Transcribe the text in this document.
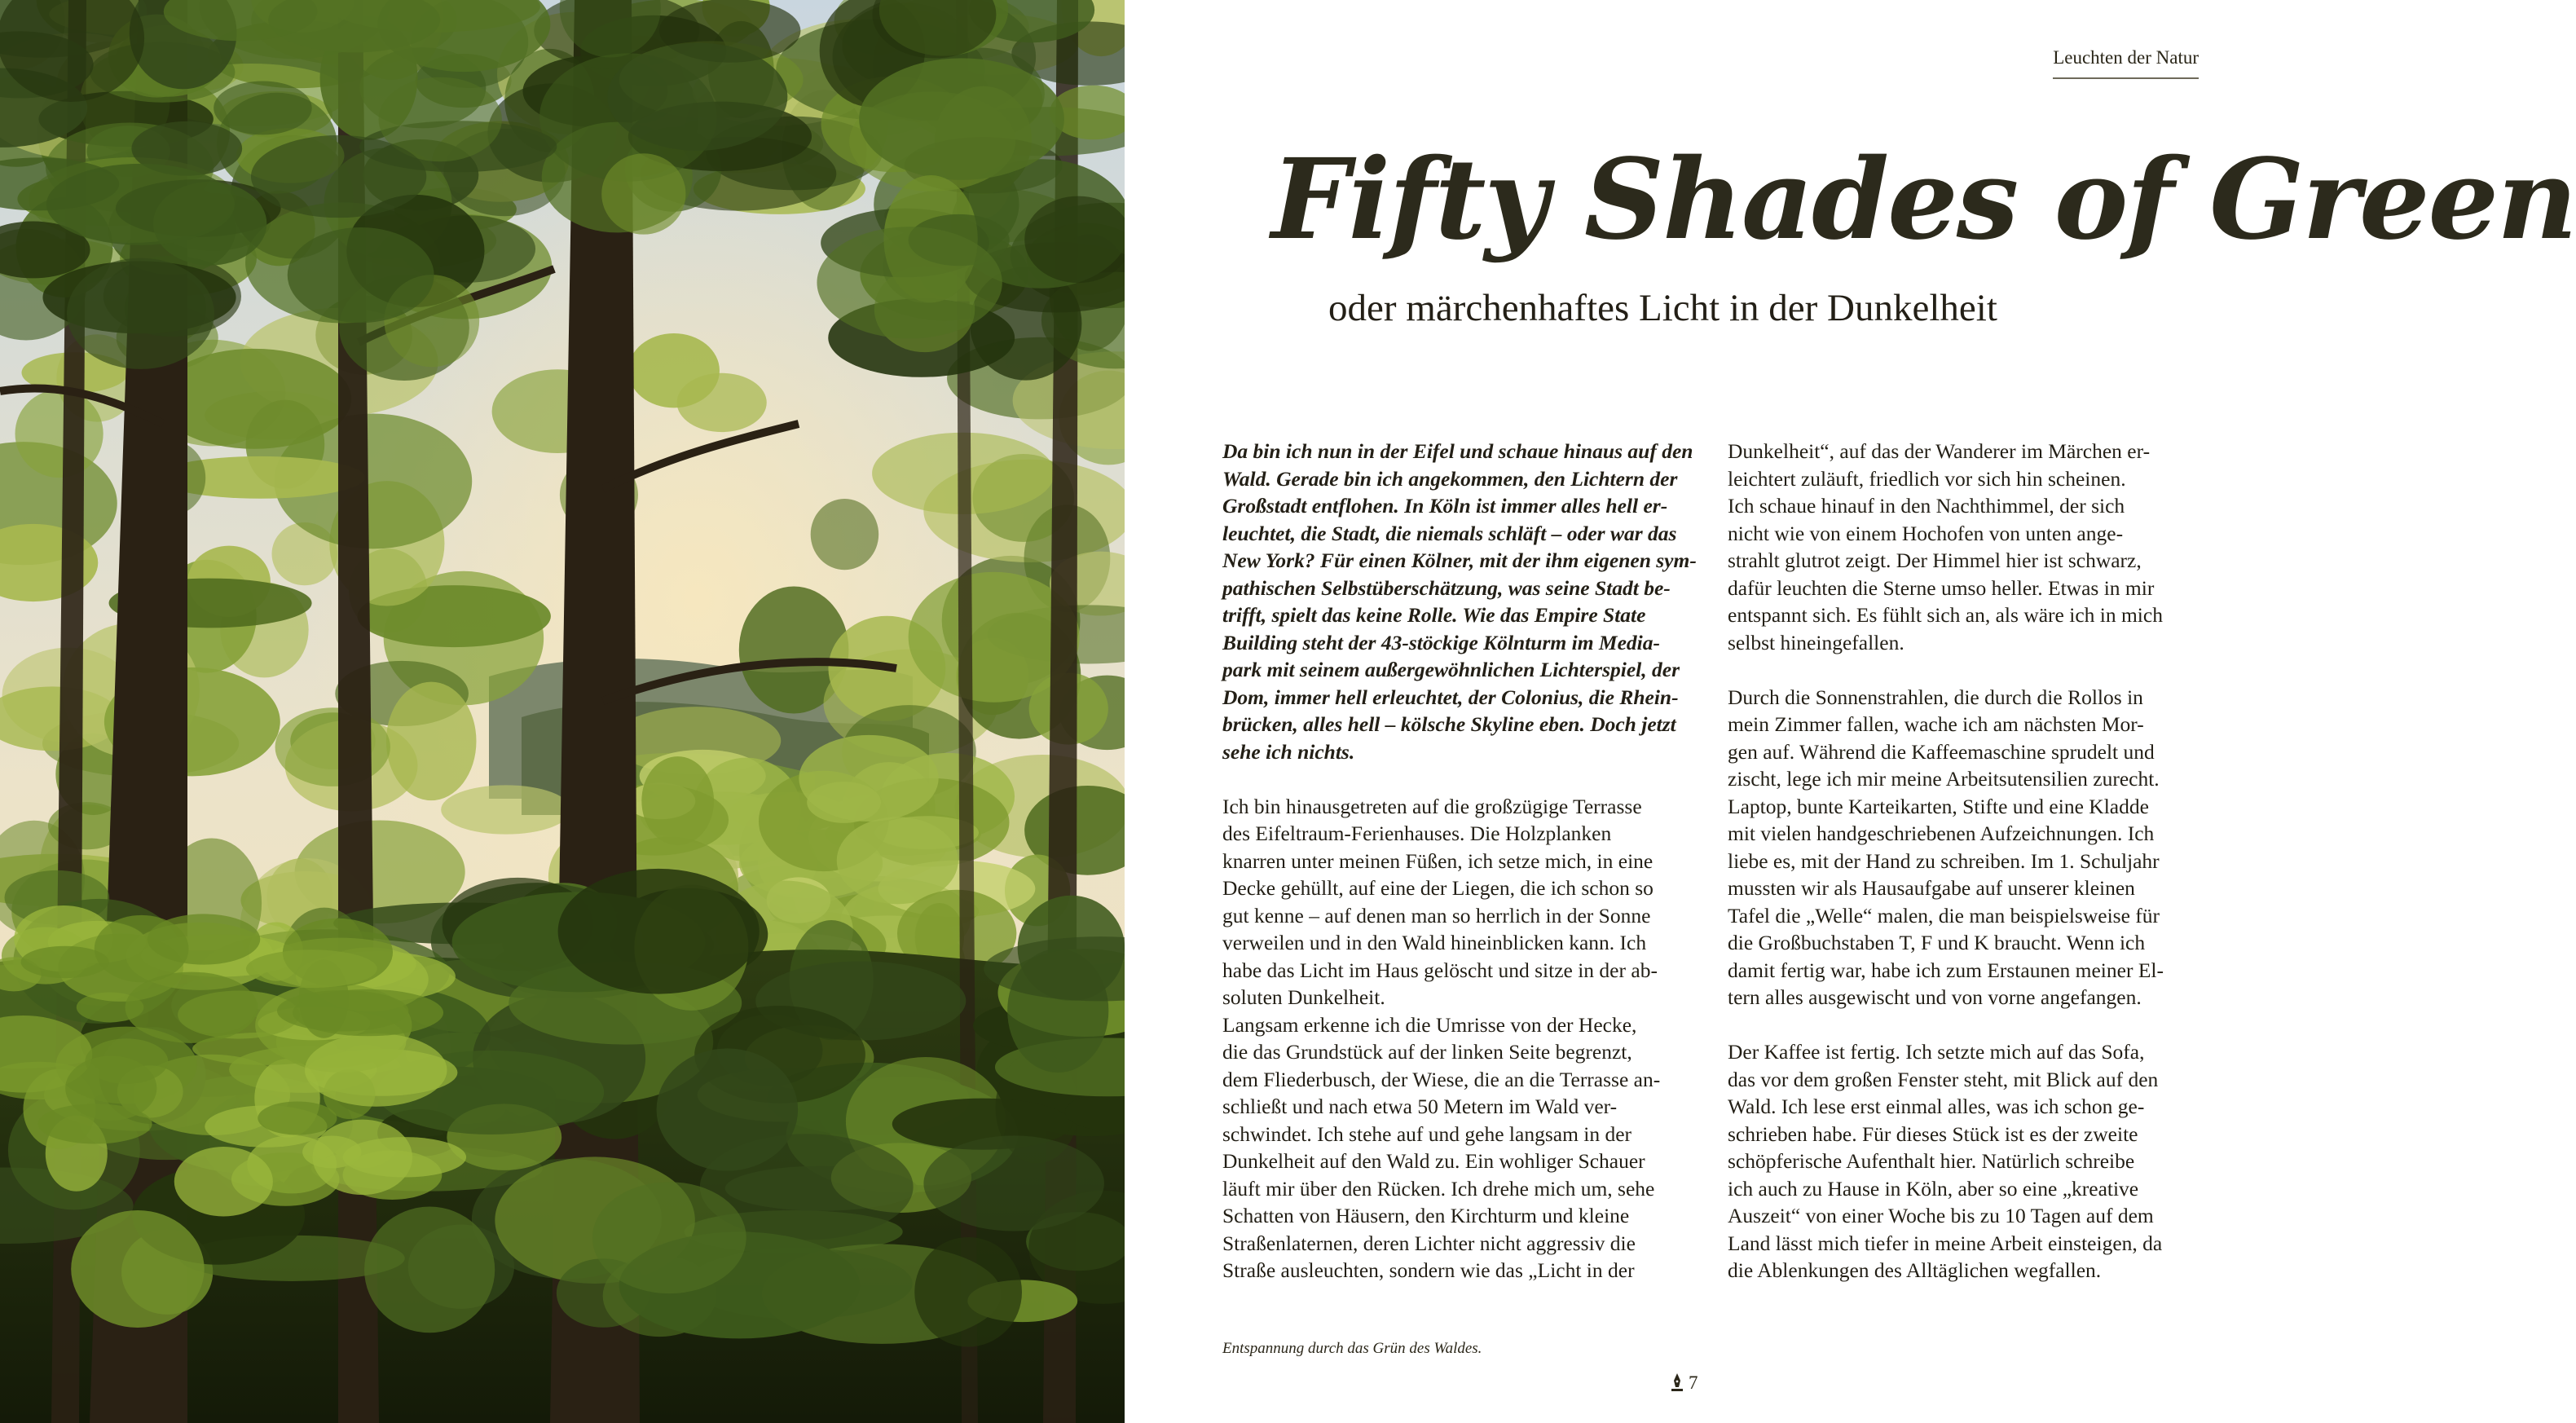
Leuchten der Natur
Fifty Shades of Green
oder märchenhaftes Licht in der Dunkelheit

Da bin ich nun in der Eifel und schaue hinaus auf den

Wald. Gerade bin ich angekommen, den Lichtern der

Großstadt entflohen. In Köln ist immer alles hell er-

leuchtet, die Stadt, die niemals schläft – oder war das

New York? Für einen Kölner, mit der ihm eigenen sym-

pathischen Selbstüberschätzung, was seine Stadt be-

trifft, spielt das keine Rolle. Wie das Empire State

Building steht der 43-stöckige Kölnturm im Media-

park mit seinem außergewöhnlichen Lichterspiel, der

Dom, immer hell erleuchtet, der Colonius, die Rhein-

brücken, alles hell – kölsche Skyline eben. Doch jetzt

sehe ich nichts.

Ich bin hinausgetreten auf die großzügige Terrasse

des Eifeltraum-Ferienhauses. Die Holzplanken

knarren unter meinen Füßen, ich setze mich, in eine

Decke gehüllt, auf eine der Liegen, die ich schon so

gut kenne – auf denen man so herrlich in der Sonne

verweilen und in den Wald hineinblicken kann. Ich

habe das Licht im Haus gelöscht und sitze in der ab-

soluten Dunkelheit.

Langsam erkenne ich die Umrisse von der Hecke,

die das Grundstück auf der linken Seite begrenzt,

dem Fliederbusch, der Wiese, die an die Terrasse an-

schließt und nach etwa 50 Metern im Wald ver-

schwindet. Ich stehe auf und gehe langsam in der

Dunkelheit auf den Wald zu. Ein wohliger Schauer

läuft mir über den Rücken. Ich drehe mich um, sehe

Schatten von Häusern, den Kirchturm und kleine

Straßenlaternen, deren Lichter nicht aggressiv die

Straße ausleuchten, sondern wie das „Licht in der

Dunkelheit“, auf das der Wanderer im Märchen er-

leichtert zuläuft, friedlich vor sich hin scheinen.

Ich schaue hinauf in den Nachthimmel, der sich

nicht wie von einem Hochofen von unten ange-

strahlt glutrot zeigt. Der Himmel hier ist schwarz,

dafür leuchten die Sterne umso heller. Etwas in mir

entspannt sich. Es fühlt sich an, als wäre ich in mich

selbst hineingefallen.

Durch die Sonnenstrahlen, die durch die Rollos in

mein Zimmer fallen, wache ich am nächsten Mor-

gen auf. Während die Kaffeemaschine sprudelt und

zischt, lege ich mir meine Arbeitsutensilien zurecht.

Laptop, bunte Karteikarten, Stifte und eine Kladde

mit vielen handgeschriebenen Aufzeichnungen. Ich

liebe es, mit der Hand zu schreiben. Im 1. Schuljahr

mussten wir als Hausaufgabe auf unserer kleinen

Tafel die „Welle“ malen, die man beispielsweise für

die Großbuchstaben T, F und K braucht. Wenn ich

damit fertig war, habe ich zum Erstaunen meiner El-

tern alles ausgewischt und von vorne angefangen.

Der Kaffee ist fertig. Ich setzte mich auf das Sofa,

das vor dem großen Fenster steht, mit Blick auf den

Wald. Ich lese erst einmal alles, was ich schon ge-

schrieben habe. Für dieses Stück ist es der zweite

schöpferische Aufenthalt hier. Natürlich schreibe

ich auch zu Hause in Köln, aber so eine „kreative

Auszeit“ von einer Woche bis zu 10 Tagen auf dem

Land lässt mich tiefer in meine Arbeit einsteigen, da

die Ablenkungen des Alltäglichen wegfallen.

Entspannung durch das Grün des Waldes.
7
